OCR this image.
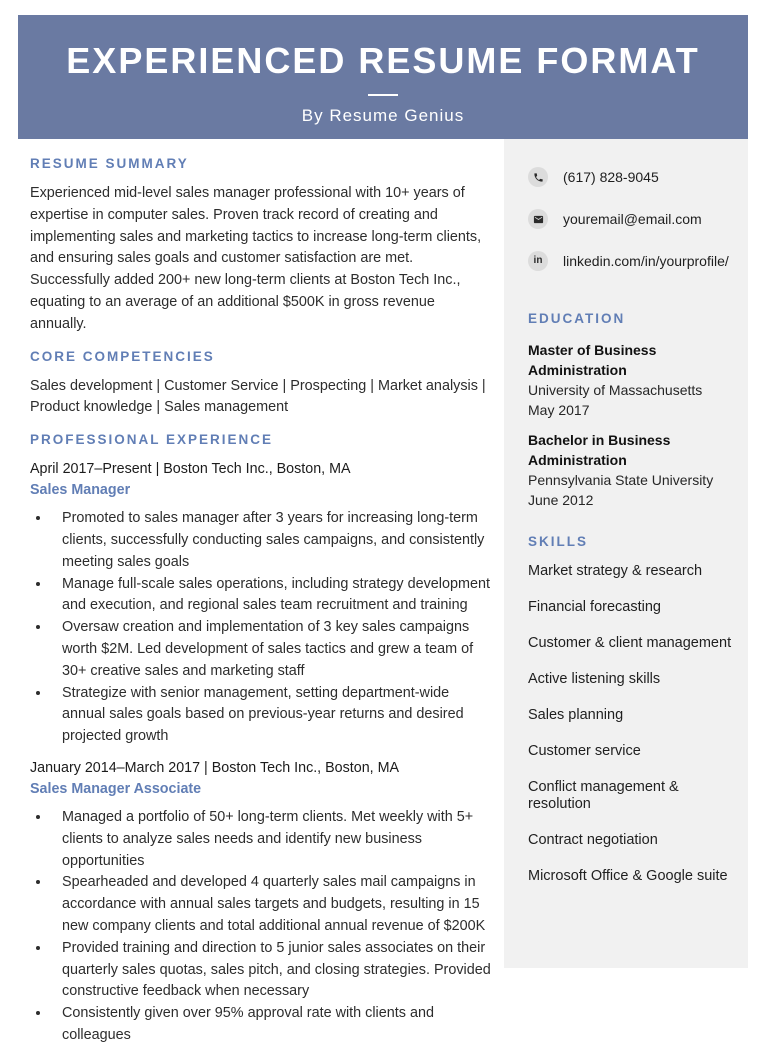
EXPERIENCED RESUME FORMAT
By Resume Genius
RESUME SUMMARY

Experienced mid-level sales manager professional with 10+ years of expertise in computer sales. Proven track record of creating and implementing sales and marketing tactics to increase long-term clients, and ensuring sales goals and customer satisfaction are met. Successfully added 200+ new long-term clients at Boston Tech Inc., equating to an average of an additional $500K in gross revenue annually.

CORE COMPETENCIES

Sales development | Customer Service | Prospecting | Market analysis | Product knowledge | Sales management

PROFESSIONAL EXPERIENCE

April 2017–Present | Boston Tech Inc., Boston, MA

Sales Manager

• Promoted to sales manager after 3 years for increasing long-term clients, successfully conducting sales campaigns, and consistently meeting sales goals
• Manage full-scale sales operations, including strategy development and execution, and regional sales team recruitment and training
• Oversaw creation and implementation of 3 key sales campaigns worth $2M. Led development of sales tactics and grew a team of 30+ creative sales and marketing staff
• Strategize with senior management, setting department-wide annual sales goals based on previous-year returns and desired projected growth

January 2014–March 2017 | Boston Tech Inc., Boston, MA

Sales Manager Associate

• Managed a portfolio of 50+ long-term clients. Met weekly with 5+ clients to analyze sales needs and identify new business opportunities
• Spearheaded and developed 4 quarterly sales mail campaigns in accordance with annual sales targets and budgets, resulting in 15 new company clients and total additional annual revenue of $200K
• Provided training and direction to 5 junior sales associates on their quarterly sales quotas, sales pitch, and closing strategies. Provided constructive feedback when necessary
• Consistently given over 95% approval rate with clients and colleagues
(617) 828-9045
youremail@email.com
in linkedin.com/in/yourprofile/
EDUCATION
Master of Business Administration
University of Massachusetts
May 2017
Bachelor in Business Administration
Pennsylvania State University
June 2012
SKILLS
Market strategy & research
Financial forecasting
Customer & client management
Active listening skills
Sales planning
Customer service
Conflict management & resolution
Contract negotiation
Microsoft Office & Google suite
